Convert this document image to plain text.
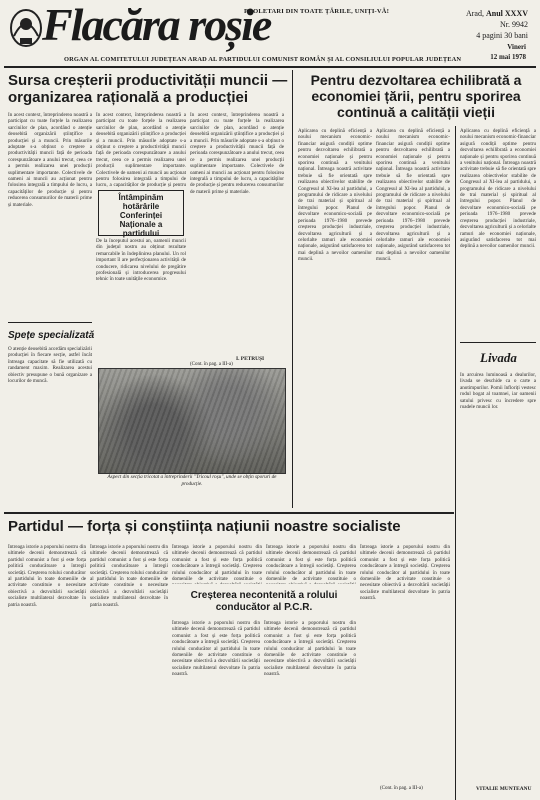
Flacăra roșie
PROLETARI DIN TOATE ȚĂRILE, UNIȚI-VĂ!	Arad, Anul XXXV
Nr. 9942
4 pagini 30 bani
Vineri
12 mai 1978
ORGAN AL COMITETULUI JUDEȚEAN ARAD AL PARTIDULUI COMUNIST ROMÂN ȘI AL CONSILIULUI POPULAR JUDEȚEAN
Sursa creșterii productivității muncii — organizarea rațională a producției
In acest context, întreprinderea noastră a participat cu toate forțele la realizarea sarcinilor de plan, acordând o atenție deosebită organizării științifice a producției și a muncii. Prin măsurile adoptate s-a obținut o creștere a productivității muncii față de perioada corespunzătoare a anului trecut, ceea ce a permis realizarea unei producții suplimentare importante. Colectivele de oameni ai muncii au acționat pentru folosirea integrală a timpului de lucru, a capacităților de producție și pentru reducerea consumurilor de materii prime și materiale.
In acest context, întreprinderea noastră a participat cu toate forțele la realizarea sarcinilor de plan, acordând o atenție deosebită organizării științifice a producției și a muncii. Prin măsurile adoptate s-a obținut o creștere a productivității muncii față de perioada corespunzătoare a anului trecut, ceea ce a permis realizarea unei producții suplimentare importante. Colectivele de oameni ai muncii au acționat pentru folosirea integrală a timpului de lucru, a capacităților de producție și pentru
In acest context, întreprinderea noastră a participat cu toate forțele la realizarea sarcinilor de plan, acordând o atenție deosebită organizării științifice a producției și a muncii. Prin măsurile adoptate s-a obținut o creștere a productivității muncii față de perioada corespunzătoare a anului trecut, ceea ce a permis realizarea unei producții suplimentare importante. Colectivele de oameni ai muncii au acționat pentru folosirea integrală a timpului de lucru, a capacităților de producție și pentru reducerea consumurilor de materii prime și materiale.
Întâmpinăm hotărârile Conferinței Naționale a partidului
De la începutul acestui an, oamenii muncii din județul nostru au obținut rezultate remarcabile în îndeplinirea planului. Un rol important îl are perfecționarea activității de conducere, ridicarea nivelului de pregătire profesională și introducerea progresului tehnic în toate unitățile economice.
I. PETRUȘI
(Cont. în pag. a III-a)
Spețe specializată
O atenție deosebită acordăm specializării producției în fiecare secție, astfel încât întreaga capacitate să fie utilizată cu randament maxim. Realizarea acestui obiectiv presupune o bună organizare a locurilor de muncă.
Aspect din secția tricotat a întreprinderii "Tricoul roșu", unde se obțin sporuri de producție.
Pentru dezvoltarea echilibrată a economiei țării, pentru sporirea continuă a calității vieții
Aplicarea cu deplină eficiență a noului mecanism economic-financiar asigură condiții optime pentru dezvoltarea echilibrată a economiei naționale și pentru sporirea continuă a venitului național. Întreaga noastră activitate trebuie să fie orientată spre realizarea obiectivelor stabilite de Congresul al XI-lea al partidului, a programului de ridicare a nivelului de trai material și spiritual al întregului popor. Planul de dezvoltare economico-socială pe perioada 1976–1980 prevede creșterea producției industriale, dezvoltarea agriculturii și a celorlalte ramuri ale economiei naționale, asigurând satisfacerea tot mai deplină a nevoilor oamenilor muncii.
Aplicarea cu deplină eficiență a noului mecanism economic-financiar asigură condiții optime pentru dezvoltarea echilibrată a economiei naționale și pentru sporirea continuă a venitului național. Întreaga noastră activitate trebuie să fie orientată spre realizarea obiectivelor stabilite de Congresul al XI-lea al partidului, a programului de ridicare a nivelului de trai material și spiritual al întregului popor. Planul de dezvoltare economico-socială pe perioada 1976–1980 prevede creșterea producției industriale, dezvoltarea agriculturii și a celorlalte ramuri ale economiei naționale, asigurând satisfacerea tot mai deplină a nevoilor oamenilor muncii.
Aplicarea cu deplină eficiență a noului mecanism economic-financiar asigură condiții optime pentru dezvoltarea echilibrată a economiei naționale și pentru sporirea continuă a venitului național. Întreaga noastră activitate trebuie să fie orientată spre realizarea obiectivelor stabilite de Congresul al XI-lea al partidului, a programului de ridicare a nivelului de trai material și spiritual al întregului popor. Planul de dezvoltare economico-socială pe perioada 1976–1980 prevede creșterea producției industriale, dezvoltarea agriculturii și a celorlalte ramuri ale economiei naționale, asigurând satisfacerea tot mai deplină a nevoilor oamenilor muncii.
Livada
In arcuirea luminoasă a dealurilor, livada se deschide ca o carte a anotimpurilor. Pomii înfloriți vestesc rodul bogat al toamnei, iar oamenii satului privesc cu încredere spre roadele muncii lor.
VITALIE MUNTEANU
Partidul — forța și conștiința națiunii noastre socialiste
Întreaga istorie a poporului nostru din ultimele decenii demonstrează că partidul comunist a fost și este forța politică conducătoare a întregii societăți. Creșterea rolului conducător al partidului în toate domeniile de activitate constituie o necesitate obiectivă a dezvoltării societății socialiste multilateral dezvoltate în patria noastră.
Întreaga istorie a poporului nostru din ultimele decenii demonstrează că partidul comunist a fost și este forța politică conducătoare a întregii societăți. Creșterea rolului conducător al partidului în toate domeniile de activitate constituie o necesitate obiectivă a dezvoltării societății socialiste multilateral dezvoltate în patria noastră.
Întreaga istorie a poporului nostru din ultimele decenii demonstrează că partidul comunist a fost și este forța politică conducătoare a întregii societăți. Creșterea rolului conducător al partidului în toate domeniile de activitate constituie o
Întreaga istorie a poporului nostru din ultimele decenii demonstrează că partidul comunist a fost și este forța politică conducătoare a întregii societăți. Creșterea rolului conducător al partidului în toate domeniile de activitate constituie o
Creșterea necontenită a rolului conducător al P.C.R.
Întreaga istorie a poporului nostru din ultimele decenii demonstrează că partidul comunist a fost și este forța politică conducătoare a întregii societăți. Creșterea rolului conducător al partidului în toate domeniile de activitate constituie o necesitate obiectivă a dezvoltării societății socialiste multilateral dezvoltate în patria noastră.
Întreaga istorie a poporului nostru din ultimele decenii demonstrează că partidul comunist a fost și este forța politică conducătoare a întregii societăți. Creșterea rolului conducător al partidului în toate domeniile de activitate constituie o necesitate obiectivă a dezvoltării societății socialiste multilateral dezvoltate în patria noastră.
Întreaga istorie a poporului nostru din ultimele decenii demonstrează că partidul comunist a fost și este forța politică conducătoare a întregii societăți. Creșterea rolului conducător al partidului în toate domeniile de activitate constituie o necesitate obiectivă a dezvoltării societății socialiste multilateral dezvoltate în patria noastră.
(Cont. în pag. a III-a)
